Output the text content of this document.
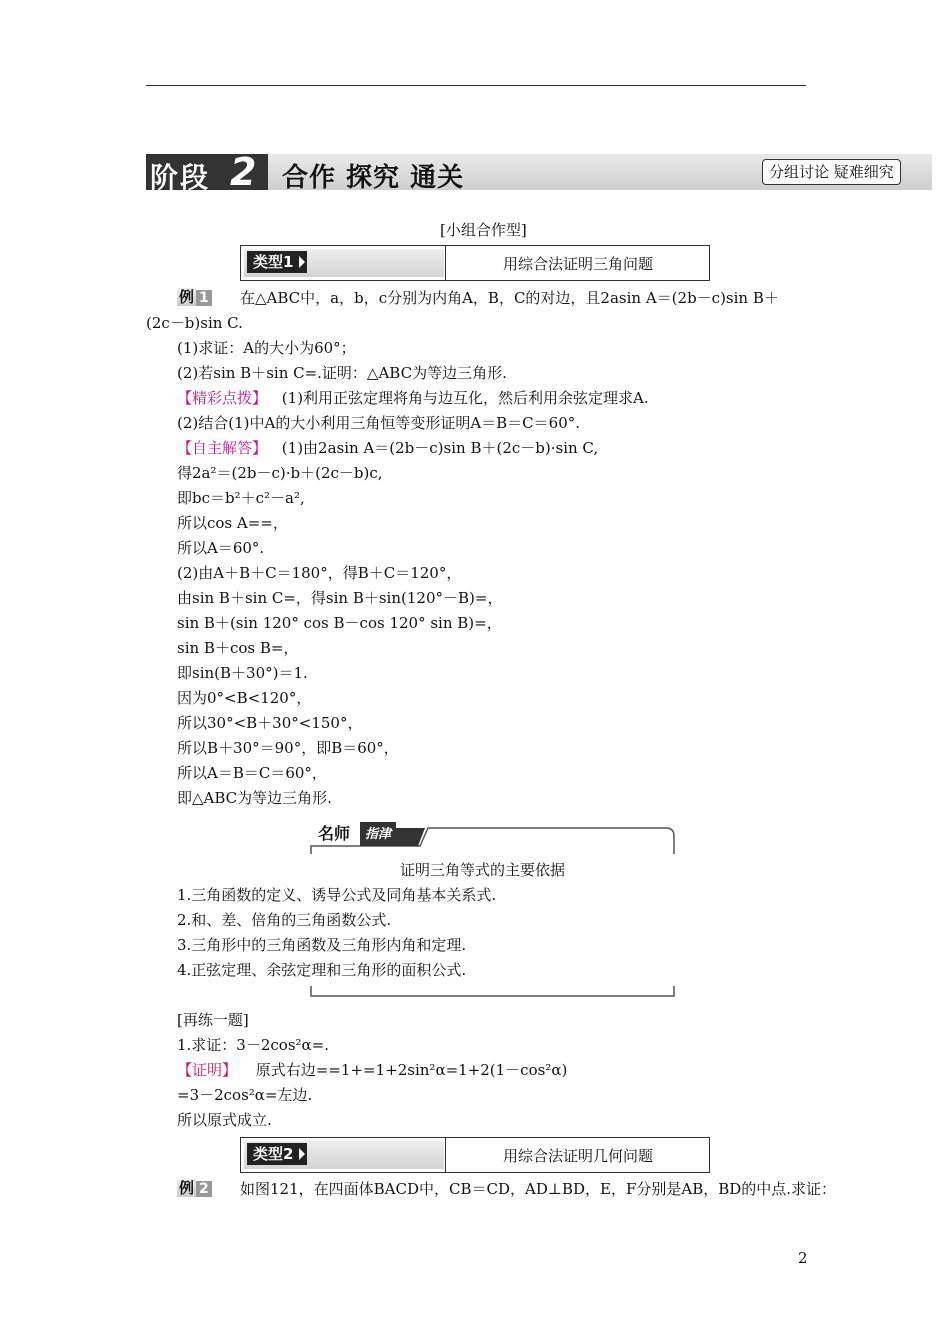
阶段 2 合作 探究 通关	分组讨论 疑难细究
[小组合作型]
类型1	用综合法证明三角问题
例 1 在△ABC中，a，b，c分别为内角A，B，C的对边，且2asin A＝(2b－c)sin B＋
(2c－b)sin C.
(1)求证：A的大小为60°；
(2)若sin B＋sin C=.证明：△ABC为等边三角形.
【精彩点拨】 (1)利用正弦定理将角与边互化，然后利用余弦定理求A.
(2)结合(1)中A的大小利用三角恒等变形证明A＝B＝C＝60°.
【自主解答】 (1)由2asin A＝(2b－c)sin B＋(2c－b)·sin C,
得2a²＝(2b－c)·b＋(2c－b)c,
即bc＝b²＋c²－a²,
所以cos A==，
所以A＝60°.
(2)由A＋B＋C＝180°，得B＋C＝120°，
由sin B＋sin C=，得sin B＋sin(120°－B)=，
sin B＋(sin 120° cos B－cos 120° sin B)=，
sin B＋cos B=，
即sin(B＋30°)＝1.
因为0°<B<120°，
所以30°<B＋30°<150°，
所以B＋30°＝90°，即B＝60°，
所以A＝B＝C＝60°，
即△ABC为等边三角形.
名师	指津
证明三角等式的主要依据
1.三角函数的定义、诱导公式及同角基本关系式.
2.和、差、倍角的三角函数公式.
3.三角形中的三角函数及三角形内角和定理.
4.正弦定理、余弦定理和三角形的面积公式.
[再练一题]
1.求证：3－2cos²α=.
【证明】 原式右边==1+=1+2sin²α=1+2(1－cos²α)
=3－2cos²α=左边.
所以原式成立.
类型2	用综合法证明几何问题
例 2 如图121，在四面体BACD中，CB＝CD，AD⊥BD，E，F分别是AB，BD的中点.求证：
2
